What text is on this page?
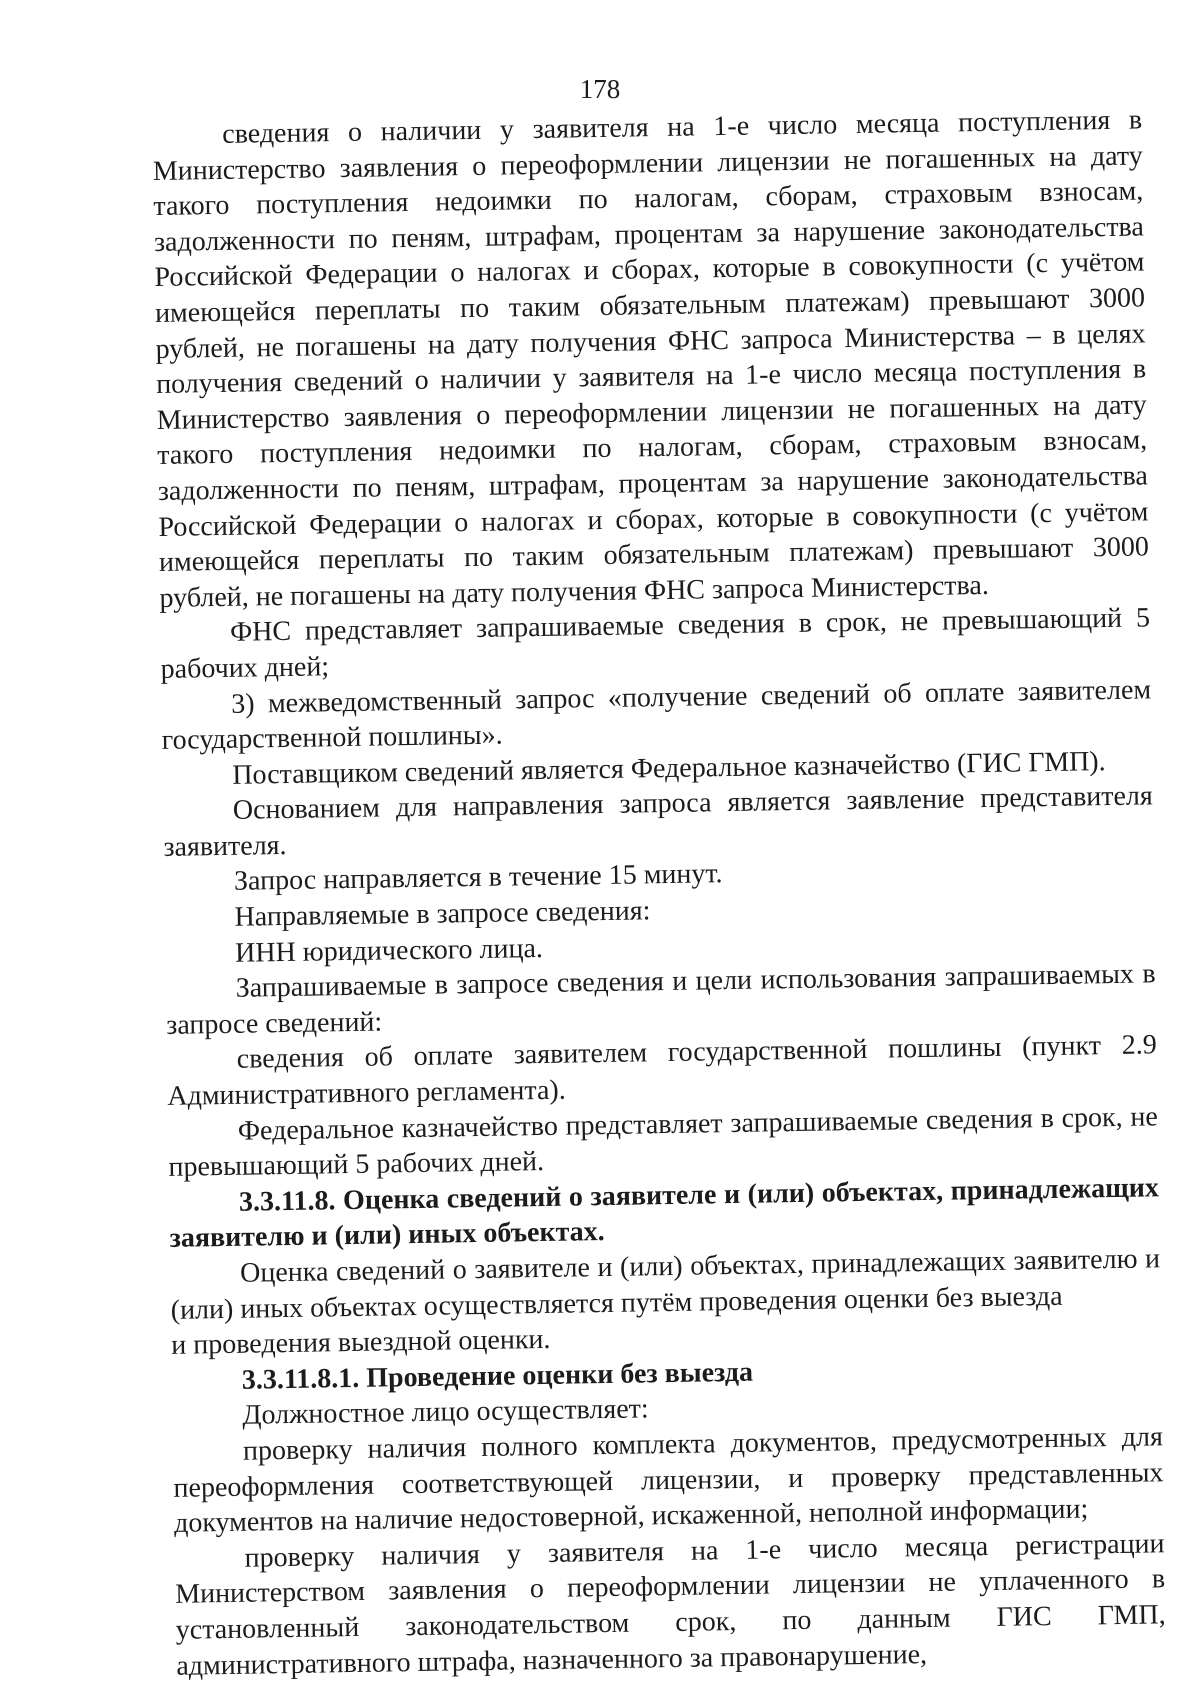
178

сведения о наличии у заявителя на 1-е число месяца поступления в Министерство заявления о переоформлении лицензии не погашенных на дату такого поступления недоимки по налогам, сборам, страховым взносам, задолженности по пеням, штрафам, процентам за нарушение законодательства Российской Федерации о налогах и сборах, которые в совокупности (с учётом имеющейся переплаты по таким обязательным платежам) превышают 3000 рублей, не погашены на дату получения ФНС запроса Министерства – в целях получения сведений о наличии у заявителя на 1-е число месяца поступления в Министерство заявления о переоформлении лицензии не погашенных на дату такого поступления недоимки по налогам, сборам, страховым взносам, задолженности по пеням, штрафам, процентам за нарушение законодательства Российской Федерации о налогах и сборах, которые в совокупности (с учётом имеющейся переплаты по таким обязательным платежам) превышают 3000 рублей, не погашены на дату получения ФНС запроса Министерства.

ФНС представляет запрашиваемые сведения в срок, не превышающий 5 рабочих дней;

3) межведомственный запрос «получение сведений об оплате заявителем государственной пошлины».

Поставщиком сведений является Федеральное казначейство (ГИС ГМП).

Основанием для направления запроса является заявление представителя заявителя.

Запрос направляется в течение 15 минут.

Направляемые в запросе сведения:

ИНН юридического лица.

Запрашиваемые в запросе сведения и цели использования запрашиваемых в запросе сведений:

сведения об оплате заявителем государственной пошлины (пункт 2.9 Административного регламента).

Федеральное казначейство представляет запрашиваемые сведения в срок, не превышающий 5 рабочих дней.

3.3.11.8. Оценка сведений о заявителе и (или) объектах, принадлежащих заявителю и (или) иных объектах.

Оценка сведений о заявителе и (или) объектах, принадлежащих заявителю и (или) иных объектах осуществляется путём проведения оценки без выезда

и проведения выездной оценки.

3.3.11.8.1. Проведение оценки без выезда

Должностное лицо осуществляет:

проверку наличия полного комплекта документов, предусмотренных для переоформления соответствующей лицензии, и проверку представленных документов на наличие недостоверной, искаженной, неполной информации;

проверку наличия у заявителя на 1-е число месяца регистрации Министерством заявления о переоформлении лицензии не уплаченного в установленный законодательством срок, по данным ГИС ГМП, административного штрафа, назначенного за правонарушение,
